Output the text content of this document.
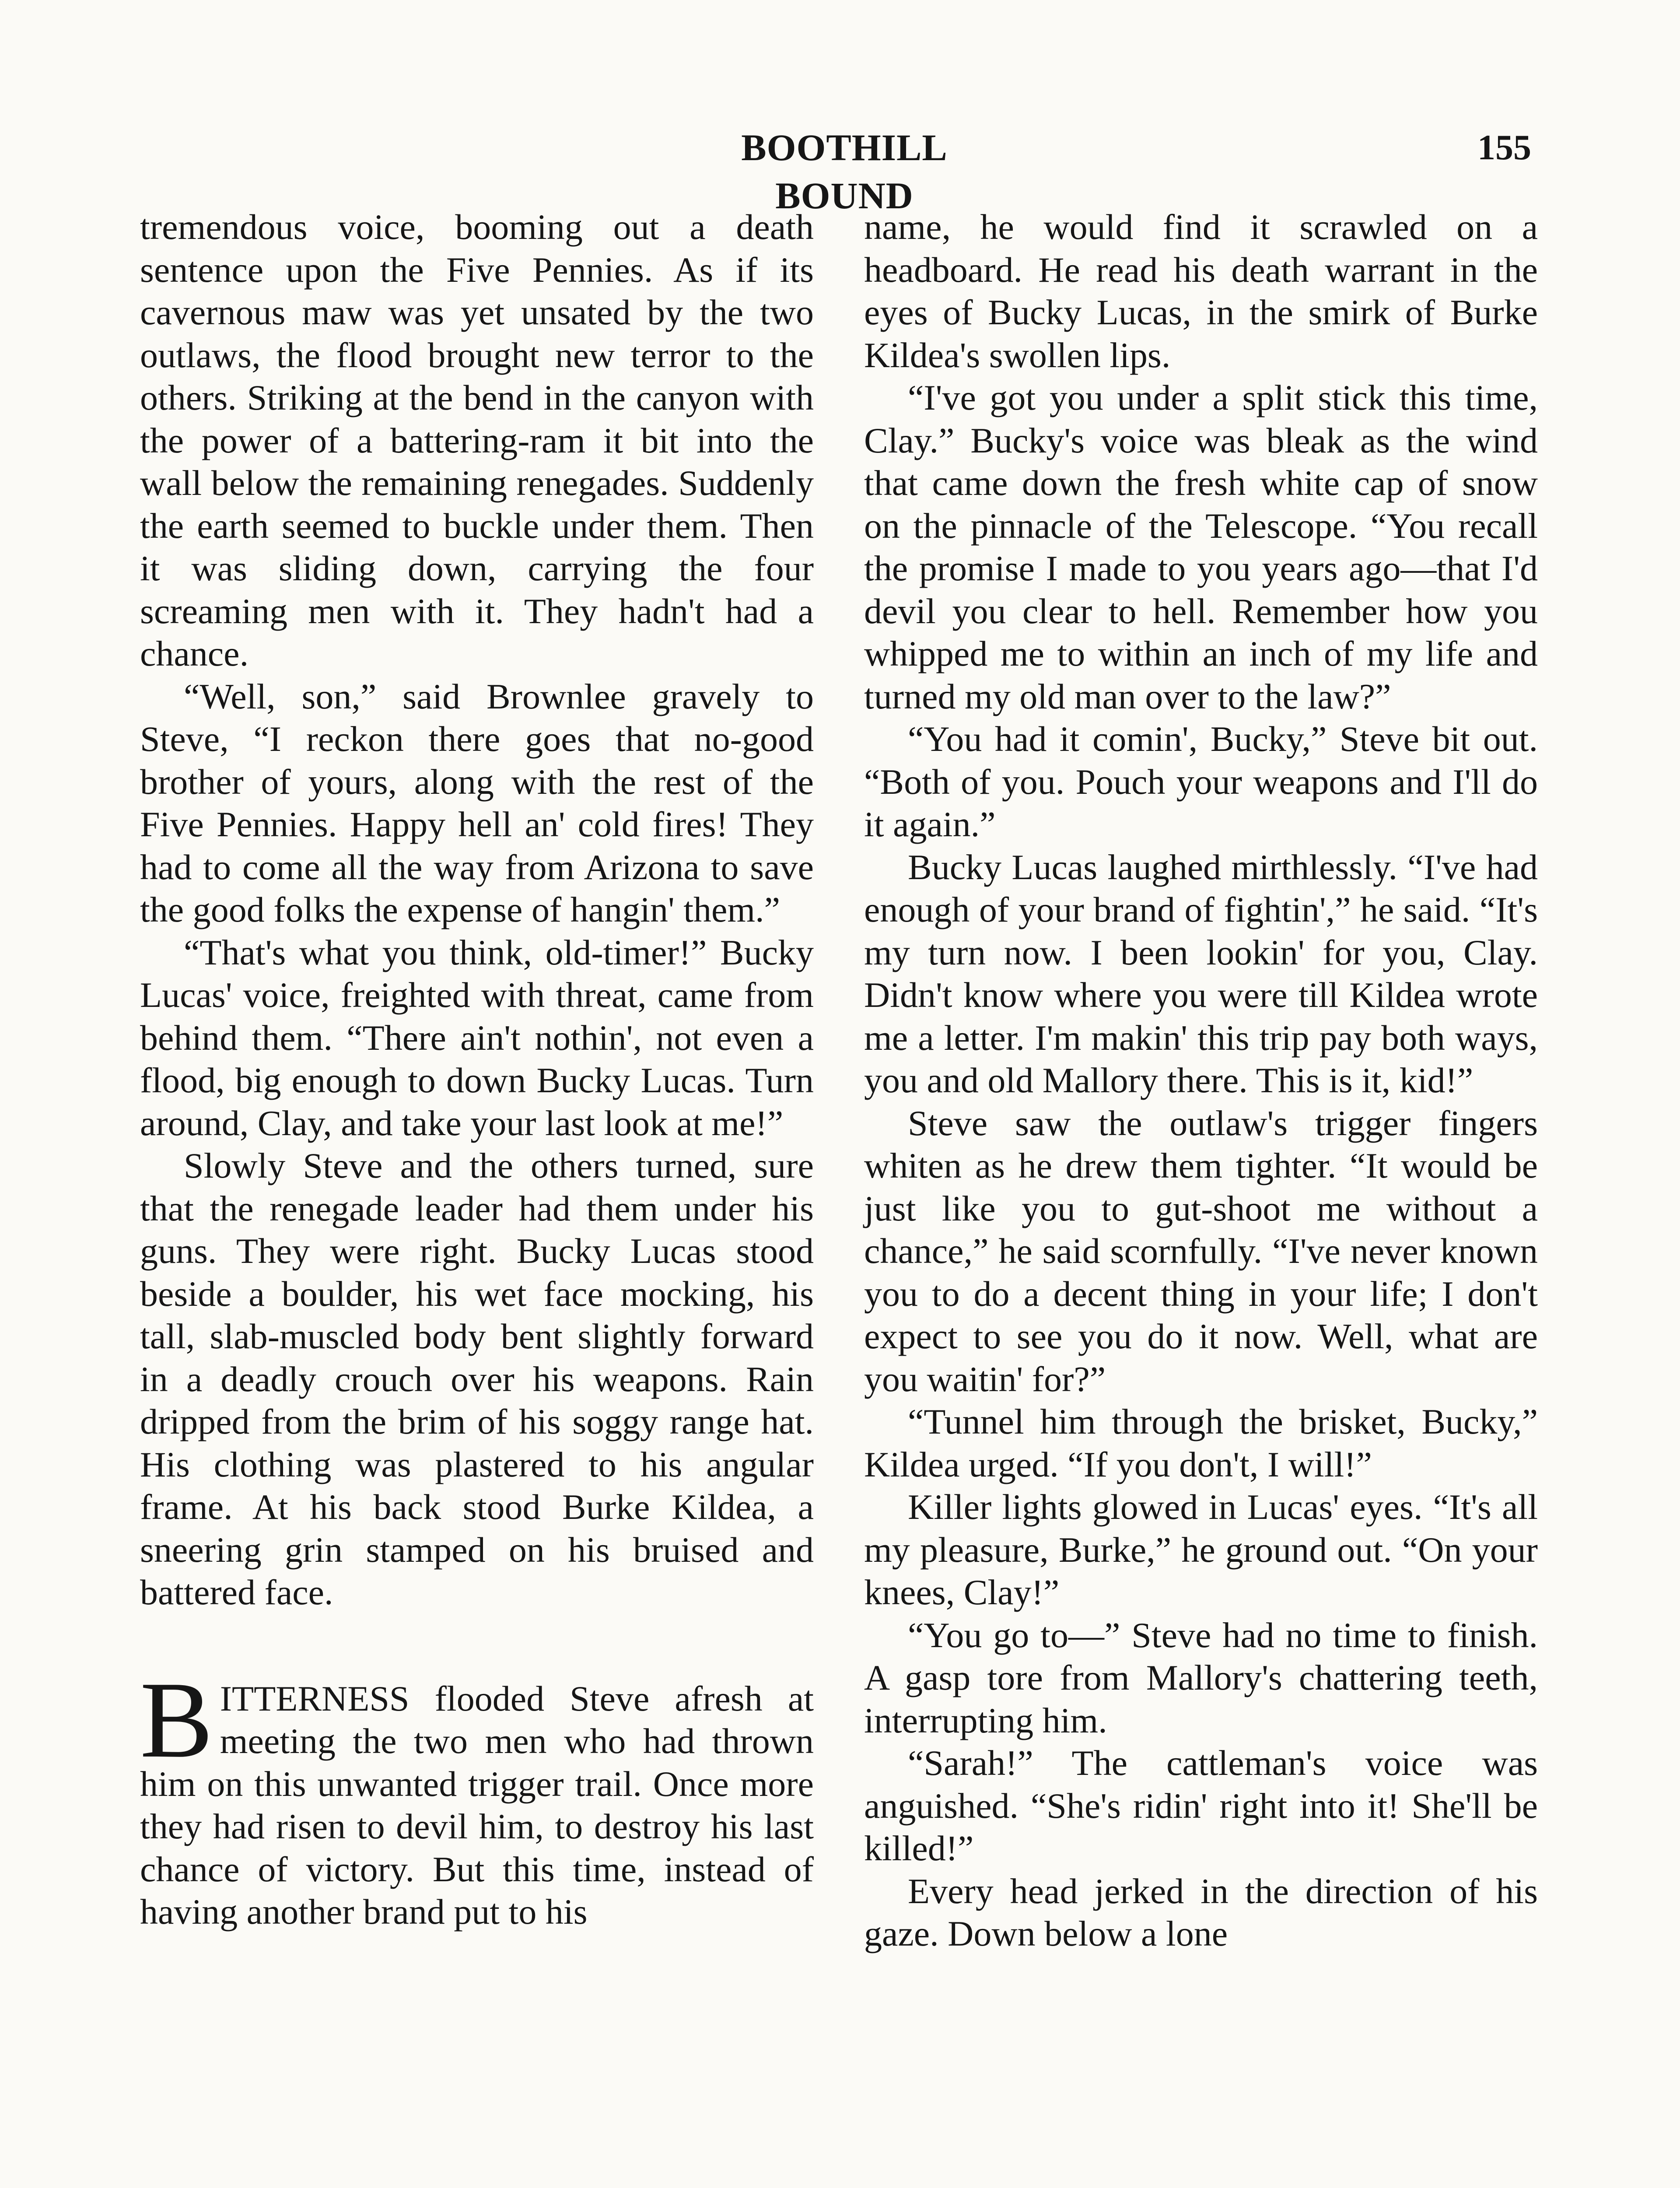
BOOTHILL BOUND
155

tremendous voice, booming out a death sentence upon the Five Pennies. As if its cavernous maw was yet unsated by the two outlaws, the flood brought new terror to the others. Striking at the bend in the canyon with the power of a battering-ram it bit into the wall below the remaining renegades. Suddenly the earth seemed to buckle under them. Then it was sliding down, carrying the four screaming men with it. They hadn't had a chance.

“Well, son,” said Brownlee gravely to Steve, “I reckon there goes that no-good brother of yours, along with the rest of the Five Pennies. Happy hell an' cold fires! They had to come all the way from Arizona to save the good folks the expense of hangin' them.”

“That's what you think, old-timer!” Bucky Lucas' voice, freighted with threat, came from behind them. “There ain't nothin', not even a flood, big enough to down Bucky Lucas. Turn around, Clay, and take your last look at me!”

Slowly Steve and the others turned, sure that the renegade leader had them under his guns. They were right. Bucky Lucas stood beside a boulder, his wet face mocking, his tall, slab-muscled body bent slightly forward in a deadly crouch over his weapons. Rain dripped from the brim of his soggy range hat. His clothing was plastered to his angular frame. At his back stood Burke Kildea, a sneering grin stamped on his bruised and battered face.

BITTERNESS flooded Steve afresh at meeting the two men who had thrown him on this unwanted trigger trail. Once more they had risen to devil him, to destroy his last chance of victory. But this time, instead of having another brand put to his

name, he would find it scrawled on a headboard. He read his death warrant in the eyes of Bucky Lucas, in the smirk of Burke Kildea's swollen lips.

“I've got you under a split stick this time, Clay.” Bucky's voice was bleak as the wind that came down the fresh white cap of snow on the pinnacle of the Telescope. “You recall the promise I made to you years ago—that I'd devil you clear to hell. Remember how you whipped me to within an inch of my life and turned my old man over to the law?”

“You had it comin', Bucky,” Steve bit out. “Both of you. Pouch your weapons and I'll do it again.”

Bucky Lucas laughed mirthlessly. “I've had enough of your brand of fightin',” he said. “It's my turn now. I been lookin' for you, Clay. Didn't know where you were till Kildea wrote me a letter. I'm makin' this trip pay both ways, you and old Mallory there. This is it, kid!”

Steve saw the outlaw's trigger fingers whiten as he drew them tighter. “It would be just like you to gut-shoot me without a chance,” he said scornfully. “I've never known you to do a decent thing in your life; I don't expect to see you do it now. Well, what are you waitin' for?”

“Tunnel him through the brisket, Bucky,” Kildea urged. “If you don't, I will!”

Killer lights glowed in Lucas' eyes. “It's all my pleasure, Burke,” he ground out. “On your knees, Clay!”

“You go to—” Steve had no time to finish. A gasp tore from Mallory's chattering teeth, interrupting him.

“Sarah!” The cattleman's voice was anguished. “She's ridin' right into it! She'll be killed!”

Every head jerked in the direction of his gaze. Down below a lone
